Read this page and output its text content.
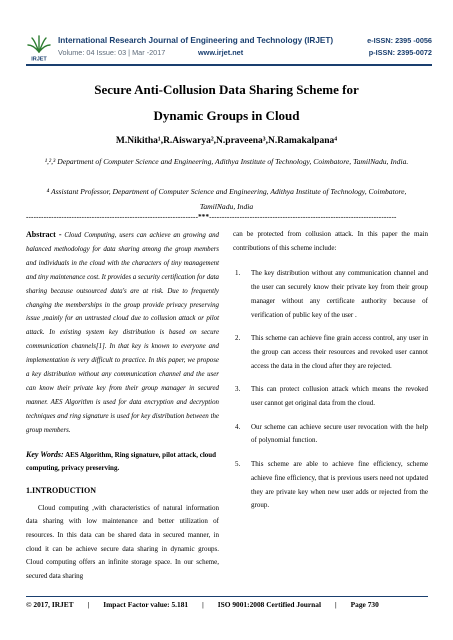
IRJET
International Research Journal of Engineering and Technology (IRJET)
Volume: 04 Issue: 03 | Mar -2017	www.irjet.net
e-ISSN: 2395 -0056
p-ISSN: 2395-0072
Secure Anti-Collusion Data Sharing Scheme for
Dynamic Groups in Cloud
M.Nikitha¹,R.Aiswarya²,N.praveena³,N.Ramakalpana⁴
¹,²,³ Department of Computer Science and Engineering, Adithya Institute of Technology, Coimbatore, TamilNadu, India.
⁴ Assistant Professor, Department of Computer Science and Engineering, Adithya Institute of Technology, Coimbatore, TamilNadu, India
--------------------------------------------------------------------***--------------------------------------------------------------------------

Abstract - Cloud Computing, users can achieve an growing and balanced methodology for data sharing among the group members and individuals in the cloud with the characters of tiny management and tiny maintenance cost. It provides a security certification for data sharing because outsourced data's are at risk. Due to frequently changing the memberships in the group provide privacy preserving issue ,mainly for an untrusted cloud due to collusion attack or pilot attack. In existing system key distribution is based on secure communication channels[1]. In that key is known to everyone and implementation is very difficult to practice. In this paper, we propose a key distribution without any communication channel and the user can know their private key from their group manager in secured manner. AES Algorithm is used for data encryption and decryption techniques and ring signature is used for key distribution between the group members.

Key Words: AES Algorithm, Ring signature, pilot attack, cloud computing, privacy preserving.

1.INTRODUCTION

Cloud computing ,with characteristics of natural information data sharing with low maintenance and better utilization of resources. In this data can be shared data in secured manner, in cloud it can be achieve secure data sharing in dynamic groups. Cloud computing offers an infinite storage space. In our scheme, secured data sharing

can be protected from collusion attack. In this paper the main contributions of this scheme include:

1. The key distribution without any communication channel and the user can securely know their private key from their group manager without any certificate authority because of verification of public key of the user .
2. This scheme can achieve fine grain access control, any user in the group can access their resources and revoked user cannot access the data in the cloud after they are rejected.
3. This can protect collusion attack which means the revoked user cannot get original data from the cloud.
4. Our scheme can achieve secure user revocation with the help of polynomial function.
5. This scheme are able to achieve fine efficiency, scheme achieve fine efficiency, that is previous users need not updated they are private key when new user adds or rejected from the group.
© 2017, IRJET | Impact Factor value: 5.181 | ISO 9001:2008 Certified Journal | Page 730
